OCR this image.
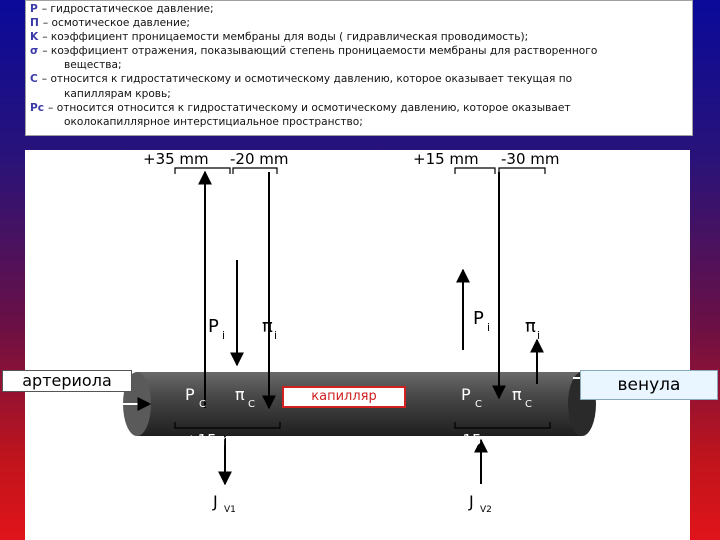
P – гидростатическое давление;
П – осмотическое давление;
K – коэффициент проницаемости мембраны для воды ( гидравлическая проводимость);
σ – коэффициент отражения, показывающий степень проницаемости мембраны для растворенного
вещества;
C – относится к гидростатическому и осмотическому давлению, которое оказывает текущая по
капиллярам кровь;
Pc – относится относится к гидростатическому и осмотическому давлению, которое оказывает
околокапиллярное интерстициальное пространство;
+35 mm -20 mm	+15 mm -30 mm
P i π i
P i π i
P
C
π
C
P
C
π
C
+15 mm	–15 mm
J V1	J V2
артериола
капилляр
венула
